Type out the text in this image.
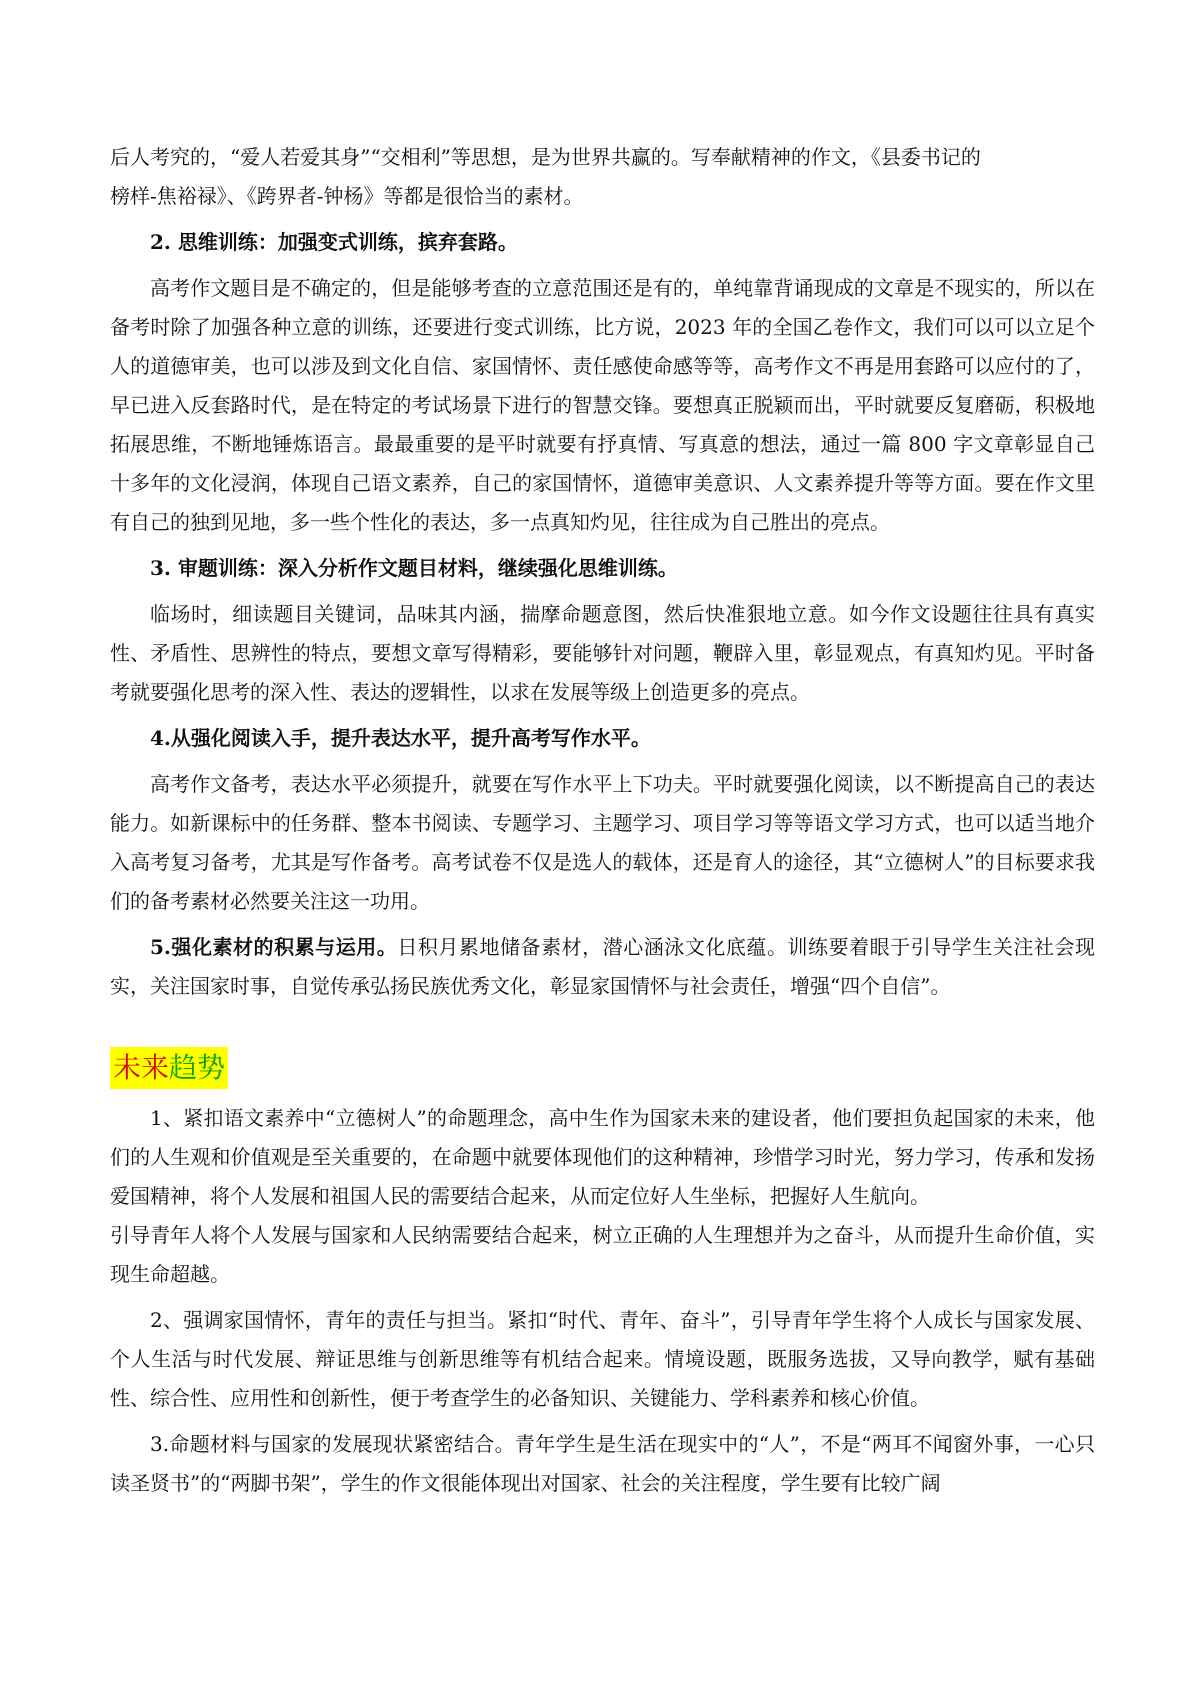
后人考究的，“爱人若爱其身”“交相利”等思想，是为世界共赢的。写奉献精神的作文，《县委书记的
榜样-焦裕禄》、《跨界者-钟杨》等都是很恰当的素材。

2. 思维训练：加强变式训练，摈弃套路。

高考作文题目是不确定的，但是能够考查的立意范围还是有的，单纯靠背诵现成的文章是不现实的，所以在备考时除了加强各种立意的训练，还要进行变式训练，比方说，2023 年的全国乙卷作文，我们可以可以立足个人的道德审美，也可以涉及到文化自信、家国情怀、责任感使命感等等，高考作文不再是用套路可以应付的了，早已进入反套路时代，是在特定的考试场景下进行的智慧交锋。要想真正脱颖而出，平时就要反复磨砺，积极地拓展思维，不断地锤炼语言。最最重要的是平时就要有抒真情、写真意的想法，通过一篇 800 字文章彰显自己十多年的文化浸润，体现自己语文素养，自己的家国情怀，道德审美意识、人文素养提升等等方面。要在作文里有自己的独到见地，多一些个性化的表达，多一点真知灼见，往往成为自己胜出的亮点。

3. 审题训练：深入分析作文题目材料，继续强化思维训练。

临场时，细读题目关键词，品味其内涵，揣摩命题意图，然后快准狠地立意。如今作文设题往往具有真实性、矛盾性、思辨性的特点，要想文章写得精彩，要能够针对问题，鞭辟入里，彰显观点，有真知灼见。平时备考就要强化思考的深入性、表达的逻辑性，以求在发展等级上创造更多的亮点。

4.从强化阅读入手，提升表达水平，提升高考写作水平。

高考作文备考，表达水平必须提升，就要在写作水平上下功夫。平时就要强化阅读，以不断提高自己的表达能力。如新课标中的任务群、整本书阅读、专题学习、主题学习、项目学习等等语文学习方式，也可以适当地介入高考复习备考，尤其是写作备考。高考试卷不仅是选人的载体，还是育人的途径，其“立德树人”的目标要求我们的备考素材必然要关注这一功用。

5.强化素材的积累与运用。日积月累地储备素材，潜心涵泳文化底蕴。训练要着眼于引导学生关注社会现实，关注国家时事，自觉传承弘扬民族优秀文化，彰显家国情怀与社会责任，增强“四个自信”。

未来趋势

1、紧扣语文素养中“立德树人”的命题理念，高中生作为国家未来的建设者，他们要担负起国家的未来，他们的人生观和价值观是至关重要的，在命题中就要体现他们的这种精神，珍惜学习时光，努力学习，传承和发扬爱国精神，将个人发展和祖国人民的需要结合起来，从而定位好人生坐标，把握好人生航向。
引导青年人将个人发展与国家和人民纳需要结合起来，树立正确的人生理想并为之奋斗，从而提升生命价值，实现生命超越。

2、强调家国情怀，青年的责任与担当。紧扣“时代、青年、奋斗”，引导青年学生将个人成长与国家发展、个人生活与时代发展、辩证思维与创新思维等有机结合起来。情境设题，既服务选拔，又导向教学，赋有基础性、综合性、应用性和创新性，便于考查学生的必备知识、关键能力、学科素养和核心价值。

3.命题材料与国家的发展现状紧密结合。青年学生是生活在现实中的“人”，不是“两耳不闻窗外事，一心只读圣贤书”的“两脚书架”，学生的作文很能体现出对国家、社会的关注程度，学生要有比较广阔
